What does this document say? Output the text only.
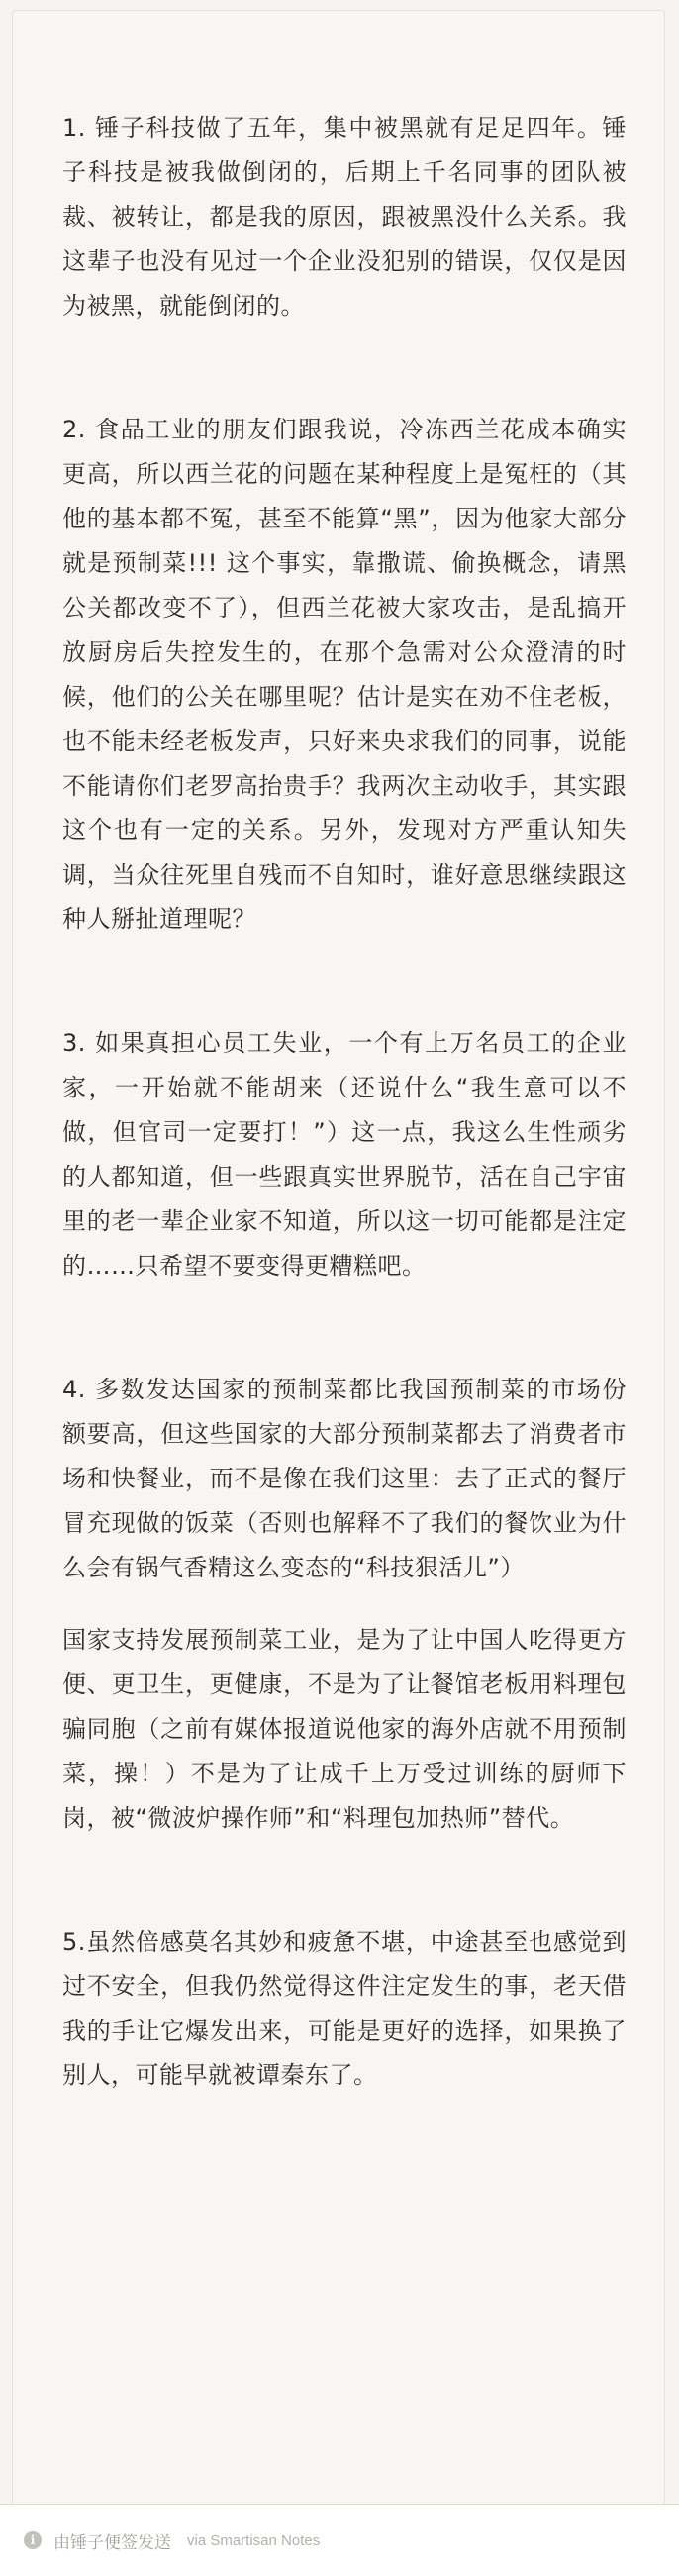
1. 锤子科技做了五年，集中被黑就有足足四年。锤子科技是被我做倒闭的，后期上千名同事的团队被裁、被转让，都是我的原因，跟被黑没什么关系。我这辈子也没有见过一个企业没犯别的错误，仅仅是因为被黑，就能倒闭的。

2. 食品工业的朋友们跟我说，冷冻西兰花成本确实更高，所以西兰花的问题在某种程度上是冤枉的（其他的基本都不冤，甚至不能算“黑”，因为他家大部分就是预制菜!!! 这个事实，靠撒谎、偷换概念，请黑公关都改变不了），但西兰花被大家攻击，是乱搞开放厨房后失控发生的，在那个急需对公众澄清的时候，他们的公关在哪里呢？估计是实在劝不住老板，也不能未经老板发声，只好来央求我们的同事，说能不能请你们老罗高抬贵手？我两次主动收手，其实跟这个也有一定的关系。另外，发现对方严重认知失调，当众往死里自残而不自知时，谁好意思继续跟这种人掰扯道理呢？

3. 如果真担心员工失业，一个有上万名员工的企业家，一开始就不能胡来（还说什么“我生意可以不做，但官司一定要打！”）这一点，我这么生性顽劣的人都知道，但一些跟真实世界脱节，活在自己宇宙里的老一辈企业家不知道，所以这一切可能都是注定的……只希望不要变得更糟糕吧。

4. 多数发达国家的预制菜都比我国预制菜的市场份额要高，但这些国家的大部分预制菜都去了消费者市场和快餐业，而不是像在我们这里：去了正式的餐厅冒充现做的饭菜（否则也解释不了我们的餐饮业为什么会有锅气香精这么变态的“科技狠活儿”）

国家支持发展预制菜工业，是为了让中国人吃得更方便、更卫生，更健康，不是为了让餐馆老板用料理包骗同胞（之前有媒体报道说他家的海外店就不用预制菜，操！）不是为了让成千上万受过训练的厨师下岗，被“微波炉操作师”和“料理包加热师”替代。

5.虽然倍感莫名其妙和疲惫不堪，中途甚至也感觉到过不安全，但我仍然觉得这件注定发生的事，老天借我的手让它爆发出来，可能是更好的选择，如果换了别人，可能早就被谭秦东了。

i	由锤子便签发送 via Smartisan Notes
